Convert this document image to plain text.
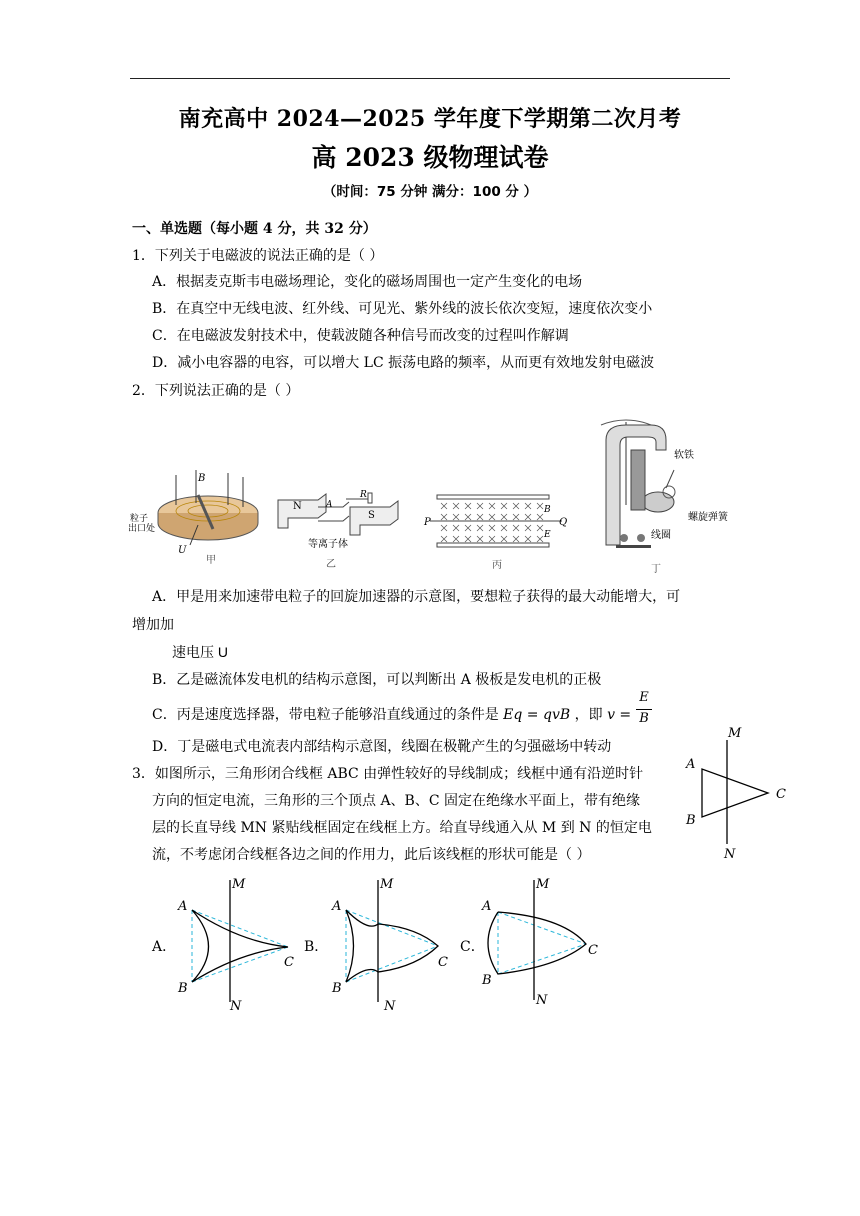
南充高中 2024—2025 学年度下学期第二次月考
高 2023 级物理试卷
（时间：75 分钟 满分：100 分 ）
一、单选题（每小题 4 分，共 32 分）
1．下列关于电磁波的说法正确的是（ ）
A．根据麦克斯韦电磁场理论，变化的磁场周围也一定产生变化的电场
B．在真空中无线电波、红外线、可见光、紫外线的波长依次变短，速度依次变小
C．在电磁波发射技术中，使载波随各种信号而改变的过程叫作解调
D．减小电容器的电容，可以增大 LC 振荡电路的频率，从而更有效地发射电磁波
2．下列说法正确的是（ ）
B
U
粒子
出口处
甲
N
S
A
R
等离子体
乙
P	Q
B
E
丙
软铁
螺旋弹簧
线圈
丁
A．甲是用来加速带电粒子的回旋加速器的示意图，要想粒子获得的最大动能增大，可
增加加
速电压 U
B．乙是磁流体发电机的结构示意图，可以判断出 A 极板是发电机的正极
C．丙是速度选择器，带电粒子能够沿直线通过的条件是 Eq = qvB ，即 v =
E
B
D．丁是磁电式电流表内部结构示意图，线圈在极靴产生的匀强磁场中转动
3．如图所示，三角形闭合线框 ABC 由弹性较好的导线制成；线框中通有沿逆时针
方向的恒定电流，三角形的三个顶点 A、B、C 固定在绝缘水平面上，带有绝缘
层的长直导线 MN 紧贴线框固定在线框上方。给直导线通入从 M 到 N 的恒定电
流，不考虑闭合线框各边之间的作用力，此后该线框的形状可能是（ ）
M
N
A
B
C
A．
M
N
A
B
C
B．
M
N
A
B
C
C．
M
N
A
B
C
